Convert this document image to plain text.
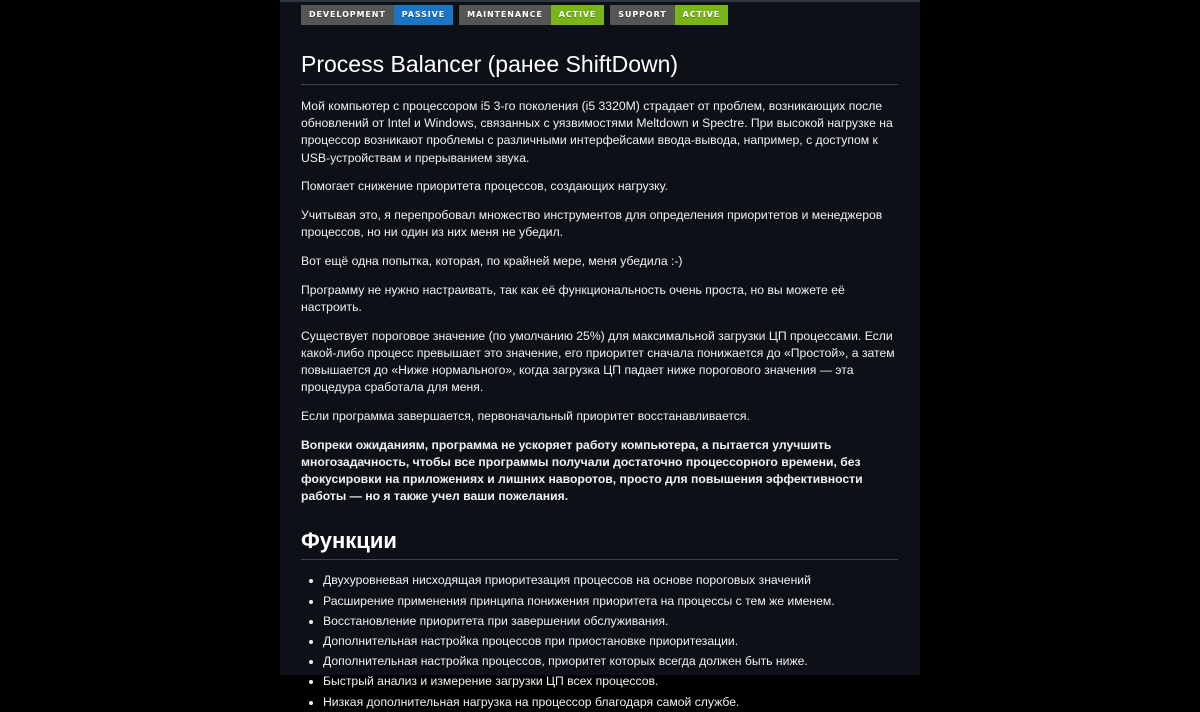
DEVELOPMENT	PASSIVE	MAINTENANCE	ACTIVE	SUPPORT	ACTIVE
Process Balancer (ранее ShiftDown)

Мой компьютер с процессором i5 3-го поколения (i5 3320M) страдает от проблем, возникающих после обновлений от Intel и Windows, связанных с уязвимостями Meltdown и Spectre. При высокой нагрузке на процессор возникают проблемы с различными интерфейсами ввода-вывода, например, с доступом к USB-устройствам и прерыванием звука.

Помогает снижение приоритета процессов, создающих нагрузку.

Учитывая это, я перепробовал множество инструментов для определения приоритетов и менеджеров процессов, но ни один из них меня не убедил.

Вот ещё одна попытка, которая, по крайней мере, меня убедила :-)

Программу не нужно настраивать, так как её функциональность очень проста, но вы можете её настроить.

Существует пороговое значение (по умолчанию 25%) для максимальной загрузки ЦП процессами. Если какой-либо процесс превышает это значение, его приоритет сначала понижается до «Простой», а затем повышается до «Ниже нормального», когда загрузка ЦП падает ниже порогового значения — эта процедура сработала для меня.

Если программа завершается, первоначальный приоритет восстанавливается.

Вопреки ожиданиям, программа не ускоряет работу компьютера, а пытается улучшить многозадачность, чтобы все программы получали достаточно процессорного времени, без фокусировки на приложениях и лишних наворотов, просто для повышения эффективности работы — но я также учел ваши пожелания.

Функции
• Двухуровневая нисходящая приоритезация процессов на основе пороговых значений
• Расширение применения принципа понижения приоритета на процессы с тем же именем.
• Восстановление приоритета при завершении обслуживания.
• Дополнительная настройка процессов при приостановке приоритезации.
• Дополнительная настройка процессов, приоритет которых всегда должен быть ниже.
• Быстрый анализ и измерение загрузки ЦП всех процессов.
• Низкая дополнительная нагрузка на процессор благодаря самой службе.
